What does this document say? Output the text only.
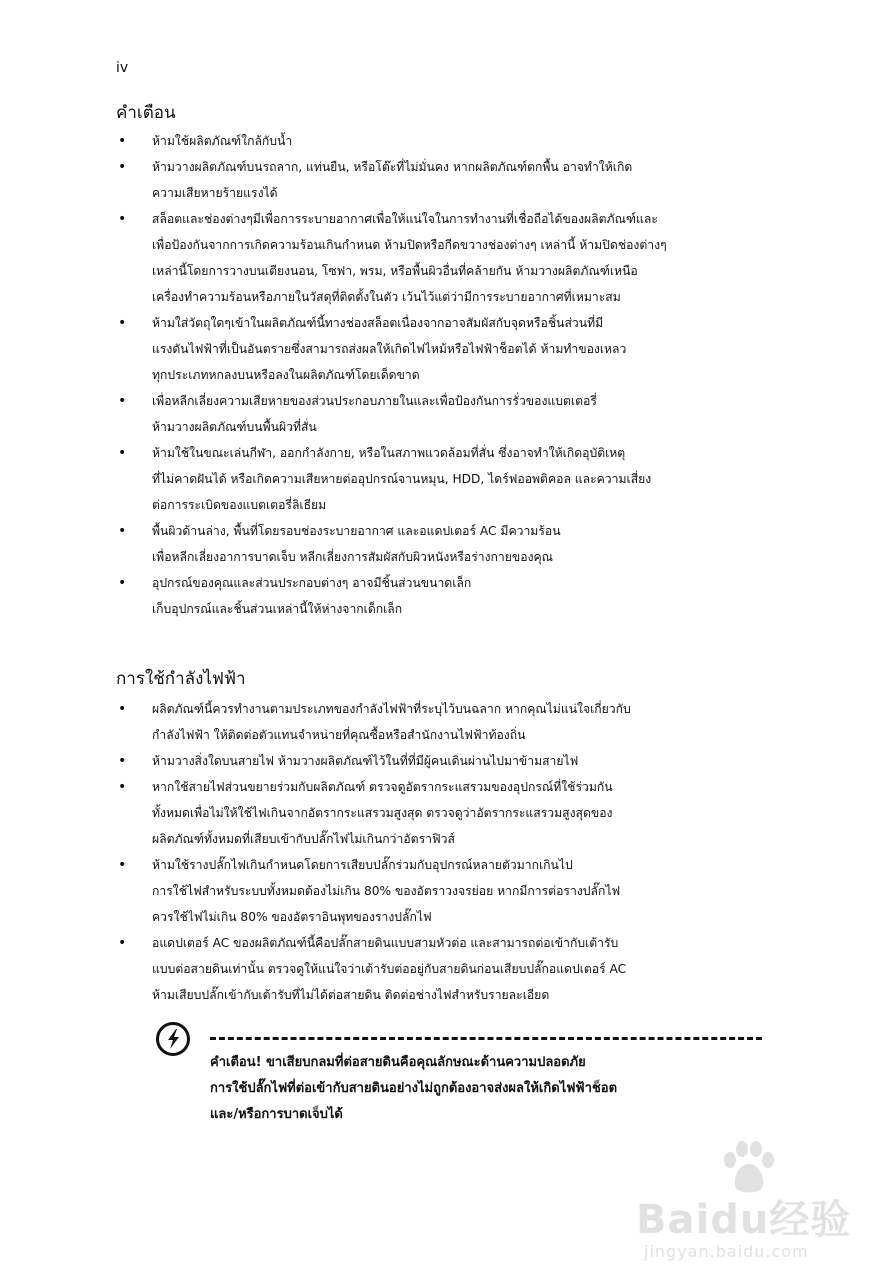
iv
คำเตือน
• ห้ามใช้ผลิตภัณฑ์ใกล้กับน้ำ
• ห้ามวางผลิตภัณฑ์บนรถลาก, แท่นยืน, หรือโต๊ะที่ไม่มั่นคง หากผลิตภัณฑ์ตกพื้น อาจทำให้เกิด
ความเสียหายร้ายแรงได้
• สล็อตและช่องต่างๆมีเพื่อการระบายอากาศเพื่อให้แน่ใจในการทำงานที่เชื่อถือได้ของผลิตภัณฑ์และ
เพื่อป้องกันจากการเกิดความร้อนเกินกำหนด ห้ามปิดหรือกีดขวางช่องต่างๆ เหล่านี้ ห้ามปิดช่องต่างๆ
เหล่านี้โดยการวางบนเตียงนอน, โซฟา, พรม, หรือพื้นผิวอื่นที่คล้ายกัน ห้ามวางผลิตภัณฑ์เหนือ
เครื่องทำความร้อนหรือภายในวัสดุที่ติดตั้งในตัว เว้นไว้แต่ว่ามีการระบายอากาศที่เหมาะสม
• ห้ามใส่วัตถุใดๆเข้าในผลิตภัณฑ์นี้ทางช่องสล็อตเนื่องจากอาจสัมผัสกับจุดหรือชิ้นส่วนที่มี
แรงดันไฟฟ้าที่เป็นอันตรายซึ่งสามารถส่งผลให้เกิดไฟไหม้หรือไฟฟ้าช็อตได้ ห้ามทำของเหลว
ทุกประเภทหกลงบนหรือลงในผลิตภัณฑ์โดยเด็ดขาด
• เพื่อหลีกเลี่ยงความเสียหายของส่วนประกอบภายในและเพื่อป้องกันการรั่วของแบตเตอรี่
ห้ามวางผลิตภัณฑ์บนพื้นผิวที่สั่น
• ห้ามใช้ในขณะเล่นกีฬา, ออกกำลังกาย, หรือในสภาพแวดล้อมที่สั่น ซึ่งอาจทำให้เกิดอุบัติเหตุ
ที่ไม่คาดฝันได้ หรือเกิดความเสียหายต่ออุปกรณ์จานหมุน, HDD, ไดร์ฟออพติคอล และความเสี่ยง
ต่อการระเบิดของแบตเตอรี่ลิเธียม
• พื้นผิวด้านล่าง, พื้นที่โดยรอบช่องระบายอากาศ และอแดปเตอร์ AC มีความร้อน
เพื่อหลีกเลี่ยงอาการบาดเจ็บ หลีกเลี่ยงการสัมผัสกับผิวหนังหรือร่างกายของคุณ
• อุปกรณ์ของคุณและส่วนประกอบต่างๆ อาจมีชิ้นส่วนขนาดเล็ก
เก็บอุปกรณ์และชิ้นส่วนเหล่านี้ให้ห่างจากเด็กเล็ก
การใช้กำลังไฟฟ้า
• ผลิตภัณฑ์นี้ควรทำงานตามประเภทของกำลังไฟฟ้าที่ระบุไว้บนฉลาก หากคุณไม่แน่ใจเกี่ยวกับ
กำลังไฟฟ้า ให้ติดต่อตัวแทนจำหน่ายที่คุณซื้อหรือสำนักงานไฟฟ้าท้องถิ่น
• ห้ามวางสิ่งใดบนสายไฟ ห้ามวางผลิตภัณฑ์ไว้ในที่ที่มีผู้คนเดินผ่านไปมาข้ามสายไฟ
• หากใช้สายไฟส่วนขยายร่วมกับผลิตภัณฑ์ ตรวจดูอัตรากระแสรวมของอุปกรณ์ที่ใช้ร่วมกัน
ทั้งหมดเพื่อไม่ให้ใช้ไฟเกินจากอัตรากระแสรวมสูงสุด ตรวจดูว่าอัตรากระแสรวมสูงสุดของ
ผลิตภัณฑ์ทั้งหมดที่เสียบเข้ากับปลั๊กไฟไม่เกินกว่าอัตราฟิวส์
• ห้ามใช้รางปลั๊กไฟเกินกำหนดโดยการเสียบปลั๊กร่วมกับอุปกรณ์หลายตัวมากเกินไป
การใช้ไฟสำหรับระบบทั้งหมดต้องไม่เกิน 80% ของอัตราวงจรย่อย หากมีการต่อรางปลั๊กไฟ
ควรใช้ไฟไม่เกิน 80% ของอัตราอินพุทของรางปลั๊กไฟ
• อแดปเตอร์ AC ของผลิตภัณฑ์นี้คือปลั๊กสายดินแบบสามหัวต่อ และสามารถต่อเข้ากับเต้ารับ
แบบต่อสายดินเท่านั้น ตรวจดูให้แน่ใจว่าเต้ารับต่ออยู่กับสายดินก่อนเสียบปลั๊กอแดปเตอร์ AC
ห้ามเสียบปลั๊กเข้ากับเต้ารับที่ไม่ได้ต่อสายดิน ติดต่อช่างไฟสำหรับรายละเอียด
คำเตือน! ขาเสียบกลมที่ต่อสายดินคือคุณลักษณะด้านความปลอดภัย
การใช้ปลั๊กไฟที่ต่อเข้ากับสายดินอย่างไม่ถูกต้องอาจส่งผลให้เกิดไฟฟ้าช็อต
และ/หรือการบาดเจ็บได้
Baidu经验
jingyan.baidu.com
